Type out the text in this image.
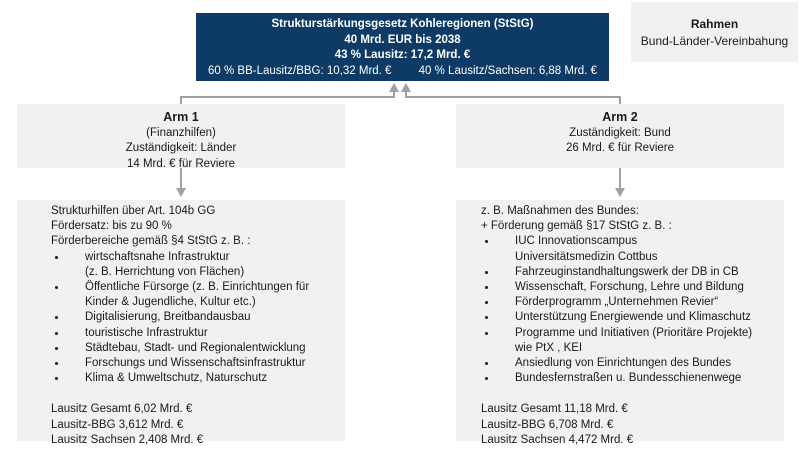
Strukturstärkungsgesetz Kohleregionen (StStG)
40 Mrd. EUR bis 2038
43 % Lausitz: 17,2 Mrd. €
60 % BB-Lausitz/BBG: 10,32 Mrd. € 40 % Lausitz/Sachsen: 6,88 Mrd. €
Rahmen
Bund-Länder-Vereinbahung
Arm 1
(Finanzhilfen)
Zuständigkeit: Länder
14 Mrd. € für Reviere
Arm 2
Zuständigkeit: Bund
26 Mrd. € für Reviere
Strukturhilfen über Art. 104b GG
Fördersatz: bis zu 90 %
Förderbereiche gemäß §4 StStG z. B. :
wirtschaftsnahe Infrastruktur
(z. B. Herrichtung von Flächen)
Öffentliche Fürsorge (z. B. Einrichtungen für
Kinder & Jugendliche, Kultur etc.)
Digitalisierung, Breitbandausbau
touristische Infrastruktur
Städtebau, Stadt- und Regionalentwicklung
Forschungs und Wissenschaftsinfrastruktur
Klima & Umweltschutz, Naturschutz
Lausitz Gesamt 6,02 Mrd. €
Lausitz-BBG 3,612 Mrd. €
Lausitz Sachsen 2,408 Mrd. €
z. B. Maßnahmen des Bundes:
+ Förderung gemäß §17 StStG z. B. :
IUC Innovationscampus
Universitätsmedizin Cottbus
Fahrzeuginstandhaltungswerk der DB in CB
Wissenschaft, Forschung, Lehre und Bildung
Förderprogramm „Unternehmen Revier“
Unterstützung Energiewende und Klimaschutz
Programme und Initiativen (Prioritäre Projekte)
wie PtX , KEI
Ansiedlung von Einrichtungen des Bundes
Bundesfernstraßen u. Bundesschienenwege
Lausitz Gesamt 11,18 Mrd. €
Lausitz-BBG 6,708 Mrd. €
Lausitz Sachsen 4,472 Mrd. €
